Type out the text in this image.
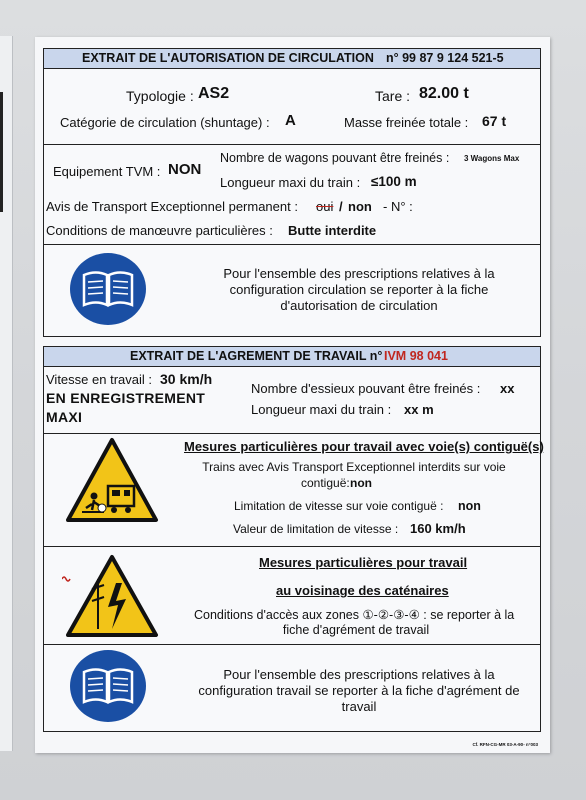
EXTRAIT DE L'AUTORISATION DE CIRCULATION n° 99 87 9 124 521-5
Typologie : AS2	Tare : 82.00 t
Catégorie de circulation (shuntage) : A	Masse freinée totale : 67 t
Equipement TVM : NON
Nombre de wagons pouvant être freinés : 3 Wagons Max
Longueur maxi du train : ≤100 m
Avis de Transport Exceptionnel permanent : oui / non - N° :
Conditions de manœuvre particulières : Butte interdite
Pour l'ensemble des prescriptions relatives à la
configuration circulation se reporter à la fiche
d'autorisation de circulation
EXTRAIT DE L'AGREMENT DE TRAVAIL n° IVM 98 041
Vitesse en travail : 30 km/h
EN ENREGISTREMENT
MAXI
Nombre d'essieux pouvant être freinés : xx
Longueur maxi du train : xx m
Mesures particulières pour travail avec voie(s) contiguë(s)
Trains avec Avis Transport Exceptionnel interdits sur voie
contiguë: non
Limitation de vitesse sur voie contiguë : non
Valeur de limitation de vitesse : 160 km/h
Mesures particulières pour travail
au voisinage des caténaires
Conditions d'accès aux zones ①-②-③-④ : se reporter à la
fiche d'agrément de travail
Pour l'ensemble des prescriptions relatives à la
configuration travail se reporter à la fiche d'agrément de
travail
Cf. RFN-CG-MR 03-A-90- n°003
